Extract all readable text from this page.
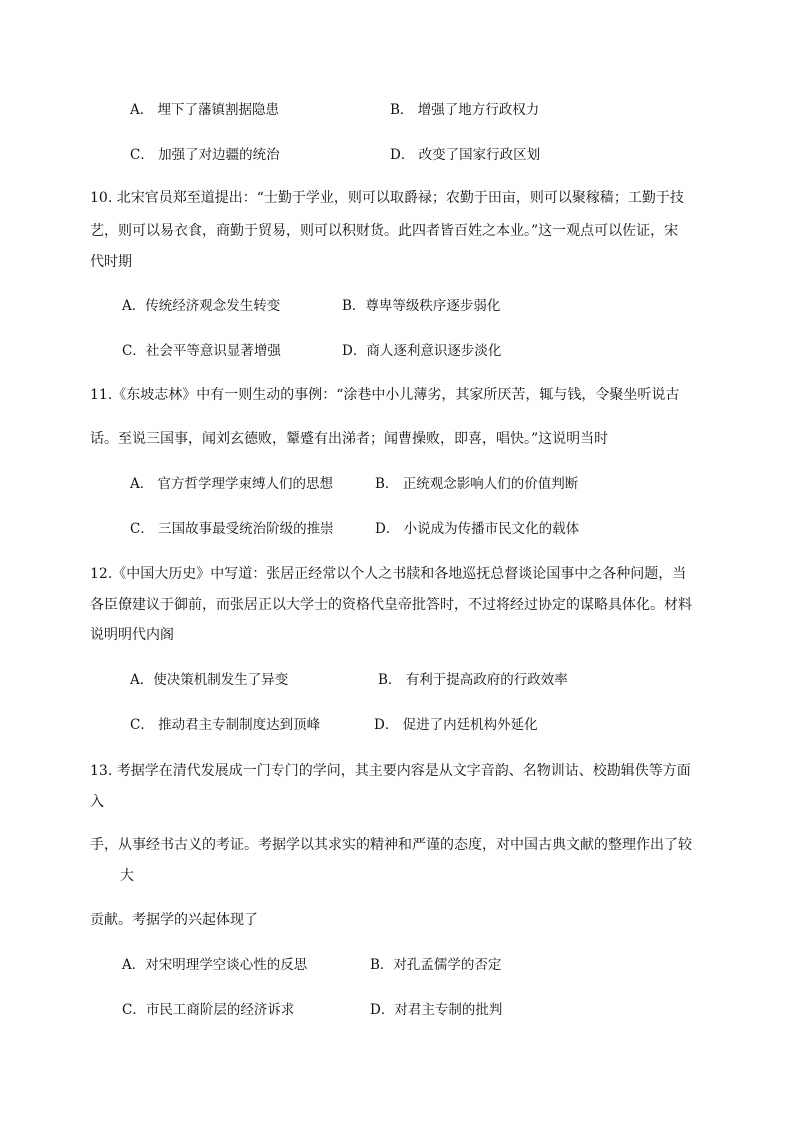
A． 埋下了藩镇割据隐患	B． 增强了地方行政权力
C． 加强了对边疆的统治	D． 改变了国家行政区划
10. 北宋官员郑至道提出：“士勤于学业，则可以取爵禄；农勤于田亩，则可以聚稼穑；工勤于技
艺，则可以易衣食，商勤于贸易，则可以积财货。此四者皆百姓之本业。”这一观点可以佐证，宋
代时期
A．传统经济观念发生转变	B．尊卑等级秩序逐步弱化
C．社会平等意识显著增强	D．商人逐利意识逐步淡化
11.《东坡志林》中有一则生动的事例：“涂巷中小儿薄劣，其家所厌苦，辄与钱，令聚坐听说古
话。至说三国事，闻刘玄德败，颦蹙有出涕者；闻曹操败，即喜，唱快。”这说明当时
A． 官方哲学理学束缚人们的思想	B． 正统观念影响人们的价值判断
C． 三国故事最受统治阶级的推崇	D． 小说成为传播市民文化的载体
12.《中国大历史》中写道：张居正经常以个人之书牍和各地巡抚总督谈论国事中之各种问题，当
各臣僚建议于御前，而张居正以大学士的资格代皇帝批答时，不过将经过协定的谋略具体化。材料
说明明代内阁
A．使决策机制发生了异变	B． 有利于提高政府的行政效率
C． 推动君主专制制度达到顶峰	D． 促进了内廷机构外延化
13. 考据学在清代发展成一门专门的学问，其主要内容是从文字音韵、名物训诂、校勘辑佚等方面
入
手，从事经书古义的考证。考据学以其求实的精神和严谨的态度，对中国古典文献的整理作出了较
大
贡献。考据学的兴起体现了
A．对宋明理学空谈心性的反思	B．对孔孟儒学的否定
C．市民工商阶层的经济诉求	D．对君主专制的批判
